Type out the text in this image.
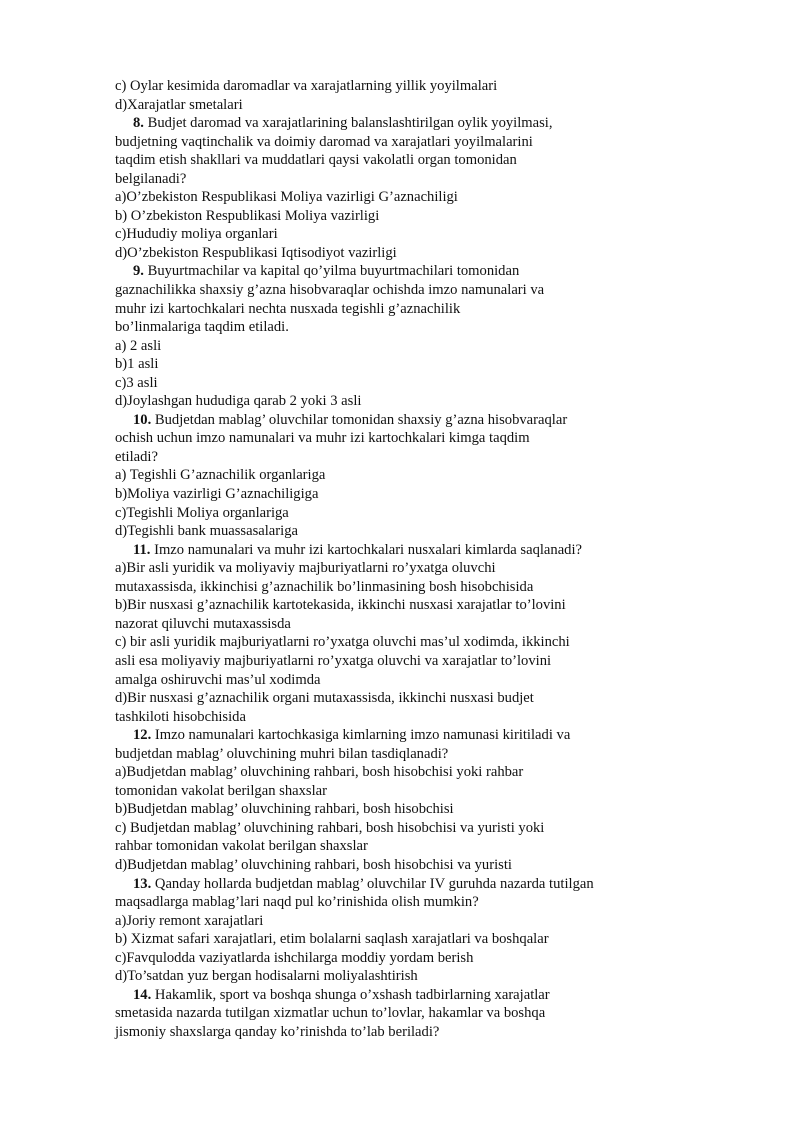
c) Oylar kesimida daromadlar va xarajatlarning yillik yoyilmalari
d)Xarajatlar smetalari
8. Budjet daromad va xarajatlarining balanslashtirilgan oylik yoyilmasi,
budjetning vaqtinchalik va doimiy daromad va xarajatlari yoyilmalarini
taqdim etish shakllari va muddatlari qaysi vakolatli organ tomonidan
belgilanadi?
a)O’zbekiston Respublikasi Moliya vazirligi G’aznachiligi
b) O’zbekiston Respublikasi Moliya vazirligi
c)Hududiy moliya organlari
d)O’zbekiston Respublikasi Iqtisodiyot vazirligi
9. Buyurtmachilar va kapital qo’yilma buyurtmachilari tomonidan
gaznachilikka shaxsiy g’azna hisobvaraqlar ochishda imzo namunalari va
muhr izi kartochkalari nechta nusxada tegishli g’aznachilik
bo’linmalariga taqdim etiladi.
a) 2 asli
b)1 asli
c)3 asli
d)Joylashgan hududiga qarab 2 yoki 3 asli
10. Budjetdan mablag’ oluvchilar tomonidan shaxsiy g’azna hisobvaraqlar
ochish uchun imzo namunalari va muhr izi kartochkalari kimga taqdim
etiladi?
a) Tegishli G’aznachilik organlariga
b)Moliya vazirligi G’aznachiligiga
c)Tegishli Moliya organlariga
d)Tegishli bank muassasalariga
11. Imzo namunalari va muhr izi kartochkalari nusxalari kimlarda saqlanadi?
a)Bir asli yuridik va moliyaviy majburiyatlarni ro’yxatga oluvchi
mutaxassisda, ikkinchisi g’aznachilik bo’linmasining bosh hisobchisida
b)Bir nusxasi g’aznachilik kartotekasida, ikkinchi nusxasi xarajatlar to’lovini
nazorat qiluvchi mutaxassisda
c) bir asli yuridik majburiyatlarni ro’yxatga oluvchi mas’ul xodimda, ikkinchi
asli esa moliyaviy majburiyatlarni ro’yxatga oluvchi va xarajatlar to’lovini
amalga oshiruvchi mas’ul xodimda
d)Bir nusxasi g’aznachilik organi mutaxassisda, ikkinchi nusxasi budjet
tashkiloti hisobchisida
12. Imzo namunalari kartochkasiga kimlarning imzo namunasi kiritiladi va
budjetdan mablag’ oluvchining muhri bilan tasdiqlanadi?
a)Budjetdan mablag’ oluvchining rahbari, bosh hisobchisi yoki rahbar
tomonidan vakolat berilgan shaxslar
b)Budjetdan mablag’ oluvchining rahbari, bosh hisobchisi
c) Budjetdan mablag’ oluvchining rahbari, bosh hisobchisi va yuristi yoki
rahbar tomonidan vakolat berilgan shaxslar
d)Budjetdan mablag’ oluvchining rahbari, bosh hisobchisi va yuristi
13. Qanday hollarda budjetdan mablag’ oluvchilar IV guruhda nazarda tutilgan
maqsadlarga mablag’lari naqd pul ko’rinishida olish mumkin?
a)Joriy remont xarajatlari
b) Xizmat safari xarajatlari, etim bolalarni saqlash xarajatlari va boshqalar
c)Favqulodda vaziyatlarda ishchilarga moddiy yordam berish
d)To’satdan yuz bergan hodisalarni moliyalashtirish
14. Hakamlik, sport va boshqa shunga o’xshash tadbirlarning xarajatlar
smetasida nazarda tutilgan xizmatlar uchun to’lovlar, hakamlar va boshqa
jismoniy shaxslarga qanday ko’rinishda to’lab beriladi?
